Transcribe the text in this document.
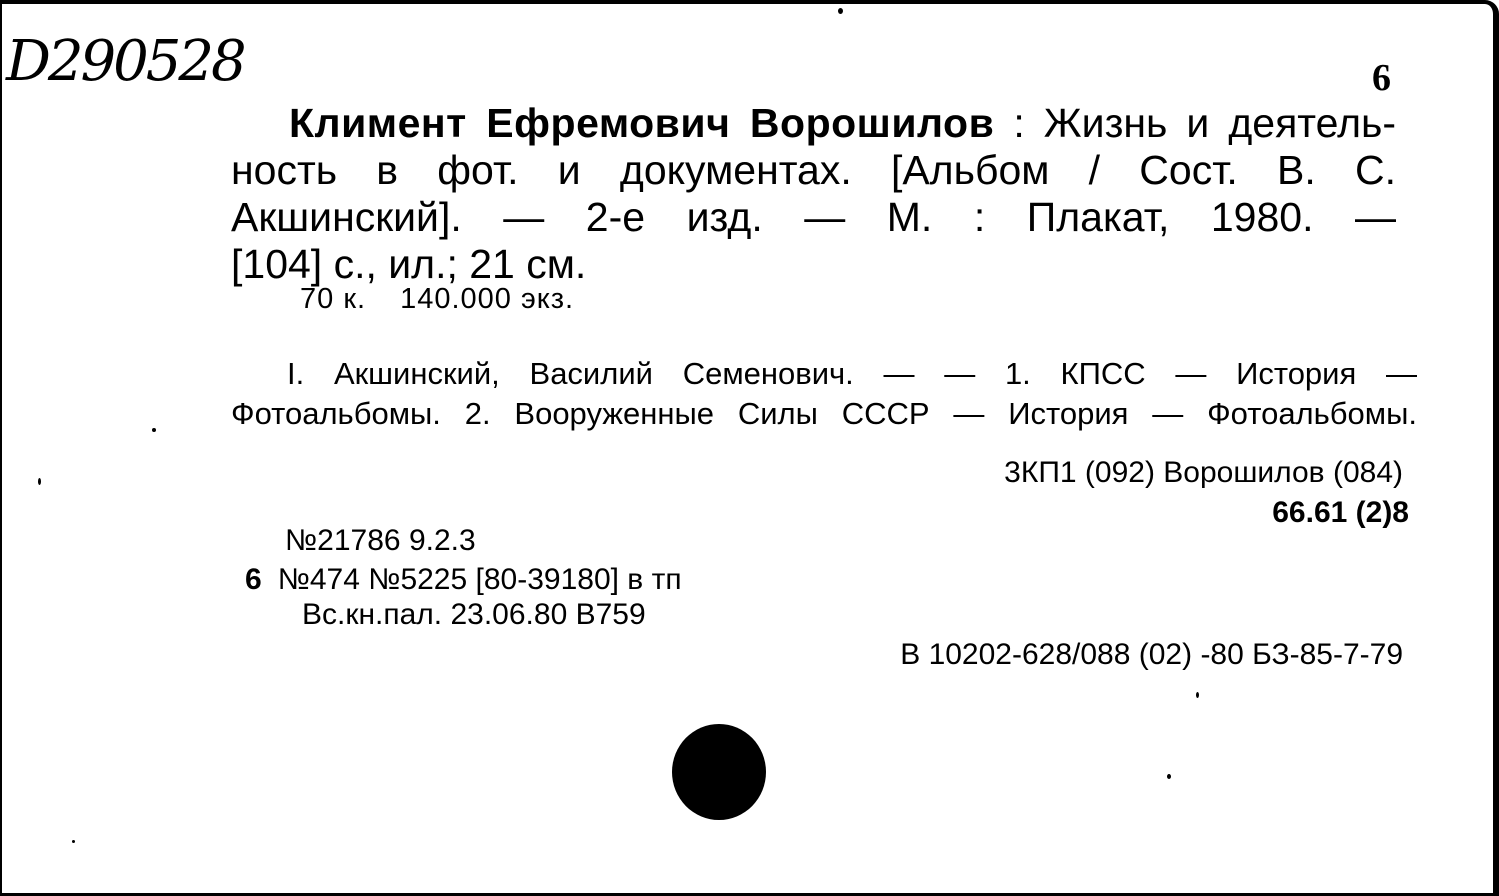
D290528	6
Климент Ефремович Ворошилов : Жизнь и деятель-
ность в фот. и документах. [Альбом / Сост. В. С.
Акшинский]. — 2-е изд. — М. : Плакат, 1980. —
[104] с., ил.; 21 см.
70 к. 140.000 экз.
I. Акшинский, Василий Семенович. — — 1. КПСС — История —
Фотоальбомы. 2. Вооруженные Силы СССР — История — Фотоальбомы.
3КП1 (092) Ворошилов (084)
66.61 (2)8
№21786 9.2.3
6 №474 №5225 [80-39180] в тп
Вс.кн.пал. 23.06.80 В759
В 10202-628/088 (02) -80 БЗ-85-7-79
